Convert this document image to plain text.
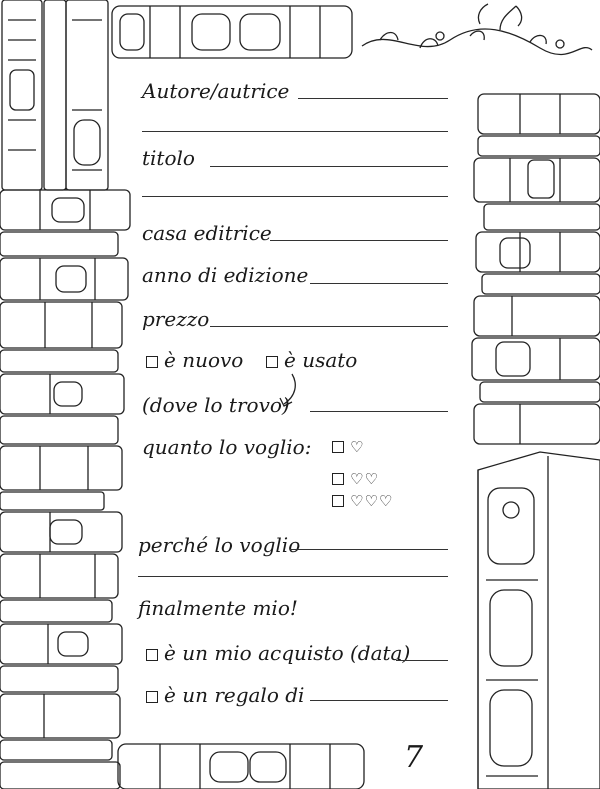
Autore/autrice
titolo
casa editrice
anno di edizione
prezzo
è nuovo	è usato
(dove lo trovo)
quanto lo voglio:	♡
♡♡
♡♡♡
perché lo voglio
finalmente mio!
è un mio acquisto (data)
è un regalo di
7
